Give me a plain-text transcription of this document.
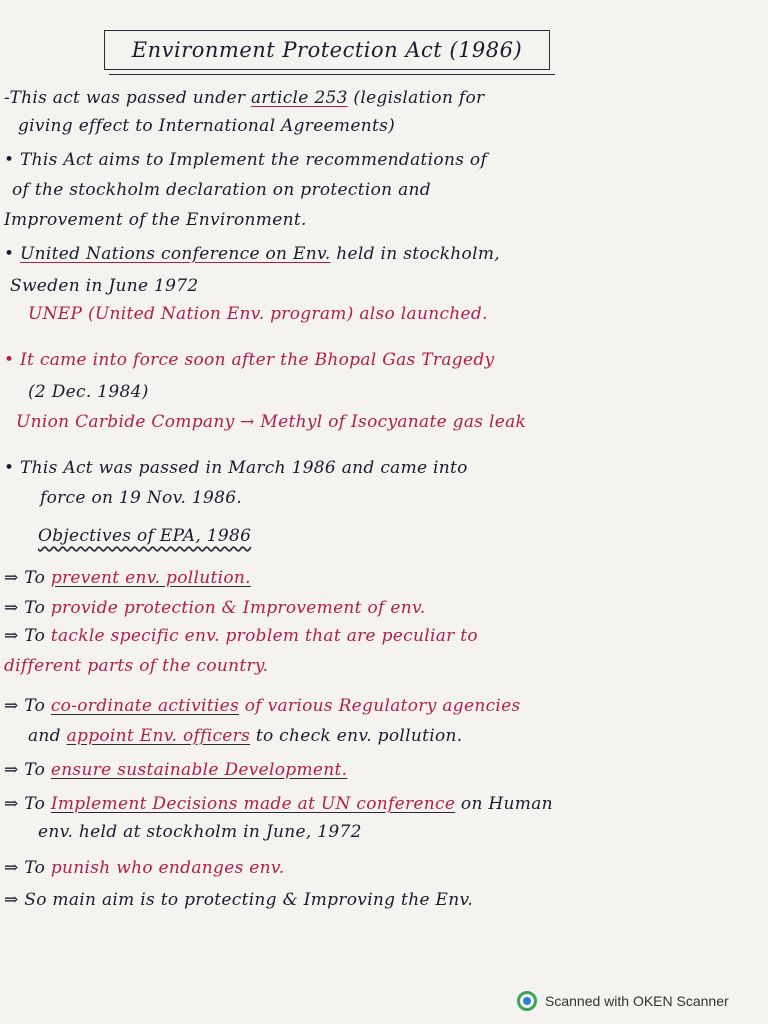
Environment Protection Act (1986)
-This act was passed under article 253 (legislation for
giving effect to International Agreements)
• This Act aims to Implement the recommendations of
of the stockholm declaration on protection and
Improvement of the Environment.
• United Nations conference on Env. held in stockholm,
Sweden in June 1972
UNEP (United Nation Env. program) also launched.
• It came into force soon after the Bhopal Gas Tragedy
(2 Dec. 1984)
Union Carbide Company → Methyl of Isocyanate gas leak
• This Act was passed in March 1986 and came into
force on 19 Nov. 1986.
Objectives of EPA, 1986
⇒ To prevent env. pollution.
⇒ To provide protection & Improvement of env.
⇒ To tackle specific env. problem that are peculiar to
different parts of the country.
⇒ To co-ordinate activities of various Regulatory agencies
and appoint Env. officers to check env. pollution.
⇒ To ensure sustainable Development.
⇒ To Implement Decisions made at UN conference on Human
env. held at stockholm in June, 1972
⇒ To punish who endanges env.
⇒ So main aim is to protecting & Improving the Env.
Scanned with OKEN Scanner
